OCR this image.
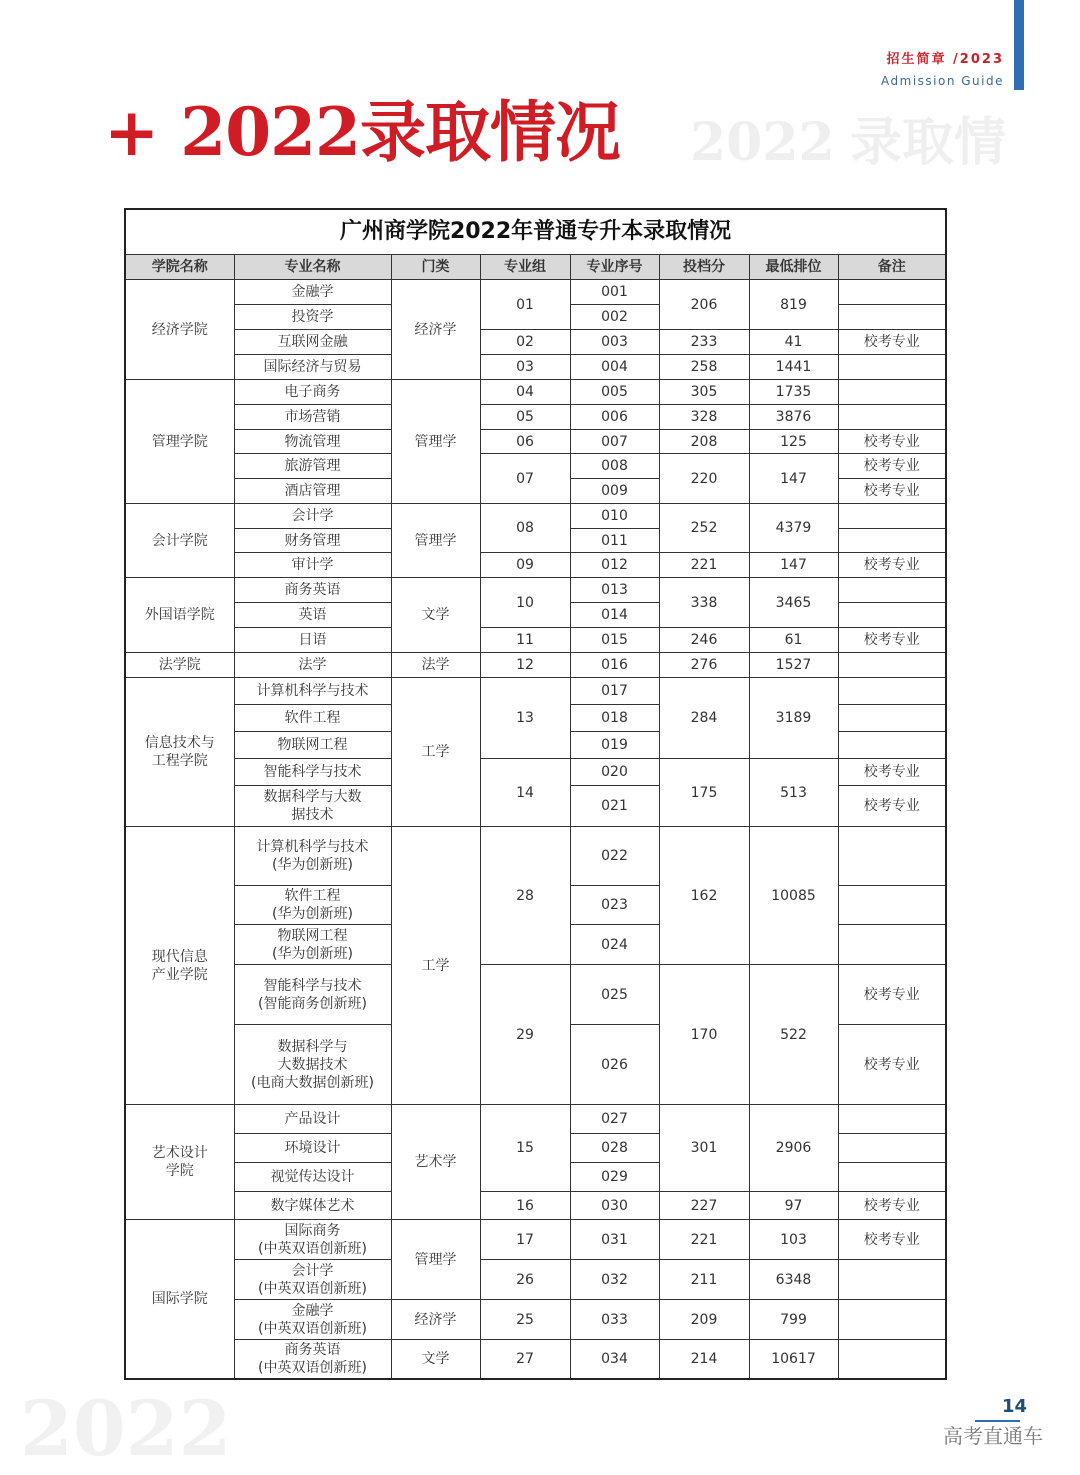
招生简章 /2023
Admission Guide
+ 2022录取情况 2022 录取情
2022
广州商学院2022年普通专升本录取情况							
学院名称	专业名称	门类	专业组	专业序号	投档分	最低排位	备注
经济学院	金融学	经济学	01	001	206	819	
	投资学			002			
	互联网金融		02	003	233	41	校考专业
	国际经济与贸易		03	004	258	1441	
管理学院	电子商务	管理学	04	005	305	1735	
	市场营销		05	006	328	3876	
	物流管理		06	007	208	125	校考专业
	旅游管理		07	008	220	147	校考专业
	酒店管理			009			校考专业
会计学院	会计学	管理学	08	010	252	4379	
	财务管理			011			
	审计学		09	012	221	147	校考专业
外国语学院	商务英语	文学	10	013	338	3465	
	英语			014			
	日语		11	015	246	61	校考专业
法学院	法学	法学	12	016	276	1527	
信息技术与
工程学院	计算机科学与技术	工学	13	017	284	3189	
	软件工程			018			
	物联网工程			019			
	智能科学与技术		14	020	175	513	校考专业
	数据科学与大数
据技术			021			校考专业
现代信息
产业学院	计算机科学与技术
(华为创新班)	工学	28	022	162	10085	
	软件工程
(华为创新班)			023			
	物联网工程
(华为创新班)			024			
	智能科学与技术
(智能商务创新班)		29	025	170	522	校考专业
	数据科学与
大数据技术
(电商大数据创新班)			026			校考专业
艺术设计
学院	产品设计	艺术学	15	027	301	2906	
	环境设计			028			
	视觉传达设计			029			
	数字媒体艺术		16	030	227	97	校考专业
国际学院	国际商务
(中英双语创新班)	管理学	17	031	221	103	校考专业
	会计学
(中英双语创新班)		26	032	211	6348	
	金融学
(中英双语创新班)	经济学	25	033	209	799	
	商务英语
(中英双语创新班)	文学	27	034	214	10617	
14
高考直通车
